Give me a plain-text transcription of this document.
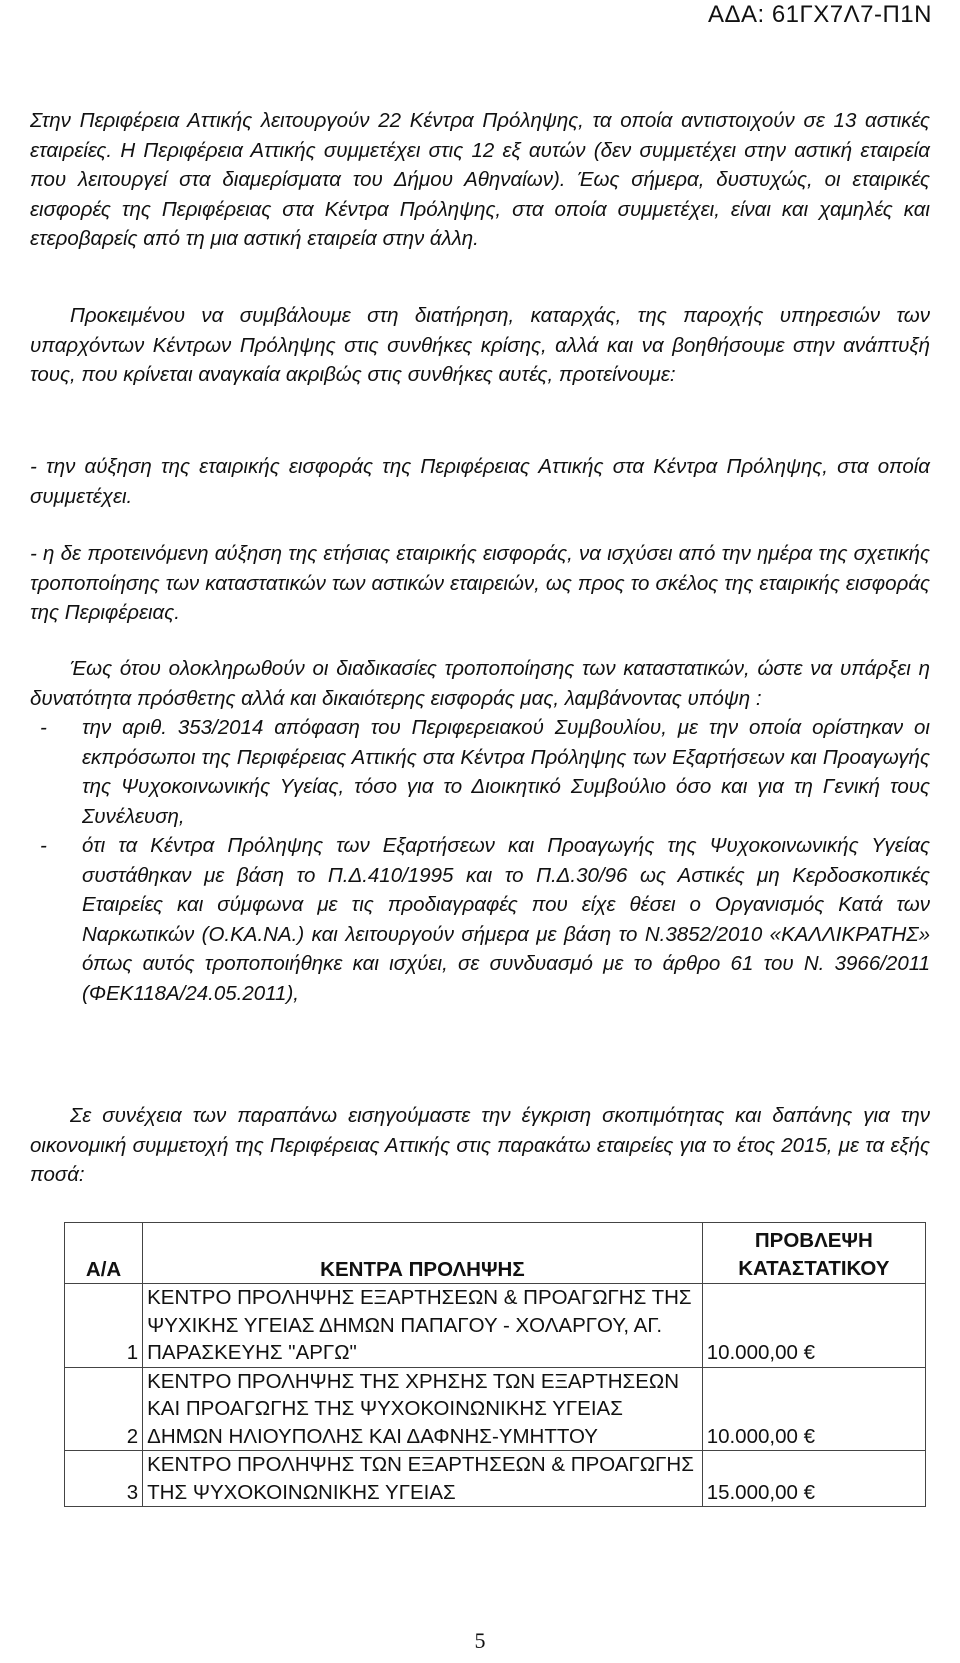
ΑΔΑ: 61ΓΧ7Λ7-Π1Ν

Στην Περιφέρεια Αττικής λειτουργούν 22 Κέντρα Πρόληψης, τα οποία αντιστοιχούν σε 13 αστικές εταιρείες. Η Περιφέρεια Αττικής συμμετέχει στις 12 εξ αυτών (δεν συμμετέχει στην αστική εταιρεία που λειτουργεί στα διαμερίσματα του Δήμου Αθηναίων). Έως σήμερα, δυστυχώς, οι εταιρικές εισφορές της Περιφέρειας στα Κέντρα Πρόληψης, στα οποία συμμετέχει, είναι και χαμηλές και ετεροβαρείς από τη μια αστική εταιρεία στην άλλη.

Προκειμένου να συμβάλουμε στη διατήρηση, καταρχάς, της παροχής υπηρεσιών των υπαρχόντων Κέντρων Πρόληψης στις συνθήκες κρίσης, αλλά και να βοηθήσουμε στην ανάπτυξή τους, που κρίνεται αναγκαία ακριβώς στις συνθήκες αυτές, προτείνουμε:

- την αύξηση της εταιρικής εισφοράς της Περιφέρειας Αττικής στα Κέντρα Πρόληψης, στα οποία συμμετέχει.

- η δε προτεινόμενη αύξηση της ετήσιας εταιρικής εισφοράς, να ισχύσει από την ημέρα της σχετικής τροποποίησης των καταστατικών των αστικών εταιρειών, ως προς το σκέλος της εταιρικής εισφοράς της Περιφέρειας.

Έως ότου ολοκληρωθούν οι διαδικασίες τροποποίησης των καταστατικών, ώστε να υπάρξει η δυνατότητα πρόσθετης αλλά και δικαιότερης εισφοράς μας, λαμβάνοντας υπόψη :
- την αριθ. 353/2014 απόφαση του Περιφερειακού Συμβουλίου, με την οποία ορίστηκαν οι εκπρόσωποι της Περιφέρειας Αττικής στα Κέντρα Πρόληψης των Εξαρτήσεων και Προαγωγής της Ψυχοκοινωνικής Υγείας, τόσο για το Διοικητικό Συμβούλιο όσο και για τη Γενική τους Συνέλευση,
- ότι τα Κέντρα Πρόληψης των Εξαρτήσεων και Προαγωγής της Ψυχοκοινωνικής Υγείας συστάθηκαν με βάση το Π.Δ.410/1995 και το Π.Δ.30/96 ως Αστικές μη Κερδοσκοπικές Εταιρείες και σύμφωνα με τις προδιαγραφές που είχε θέσει ο Οργανισμός Κατά των Ναρκωτικών (Ο.ΚΑ.ΝΑ.) και λειτουργούν σήμερα με βάση το Ν.3852/2010 «ΚΑΛΛΙΚΡΑΤΗΣ» όπως αυτός τροποποιήθηκε και ισχύει, σε συνδυασμό με το άρθρο 61 του Ν. 3966/2011 (ΦΕΚ118Α/24.05.2011),

Σε συνέχεια των παραπάνω εισηγούμαστε την έγκριση σκοπιμότητας και δαπάνης για την οικονομική συμμετοχή της Περιφέρειας Αττικής στις παρακάτω εταιρείες για το έτος 2015, με τα εξής ποσά:

Α/Α	ΚΕΝΤΡΑ ΠΡΟΛΗΨΗΣ	ΠΡΟΒΛΕΨΗ ΚΑΤΑΣΤΑΤΙΚΟΥ
1	ΚΕΝΤΡΟ ΠΡΟΛΗΨΗΣ ΕΞΑΡΤΗΣΕΩΝ & ΠΡΟΑΓΩΓΗΣ ΤΗΣ ΨΥΧΙΚΗΣ ΥΓΕΙΑΣ ΔΗΜΩΝ ΠΑΠΑΓΟΥ - ΧΟΛΑΡΓΟΥ, ΑΓ. ΠΑΡΑΣΚΕΥΗΣ "ΑΡΓΩ"	10.000,00 €
2	ΚΕΝΤΡΟ ΠΡΟΛΗΨΗΣ ΤΗΣ ΧΡΗΣΗΣ ΤΩΝ ΕΞΑΡΤΗΣΕΩΝ ΚΑΙ ΠΡΟΑΓΩΓΗΣ ΤΗΣ ΨΥΧΟΚΟΙΝΩΝΙΚΗΣ ΥΓΕΙΑΣ ΔΗΜΩΝ ΗΛΙΟΥΠΟΛΗΣ ΚΑΙ ΔΑΦΝΗΣ-ΥΜΗΤΤΟΥ	10.000,00 €
3	ΚΕΝΤΡΟ ΠΡΟΛΗΨΗΣ ΤΩΝ ΕΞΑΡΤΗΣΕΩΝ & ΠΡΟΑΓΩΓΗΣ ΤΗΣ ΨΥΧΟΚΟΙΝΩΝΙΚΗΣ ΥΓΕΙΑΣ	15.000,00 €
5
